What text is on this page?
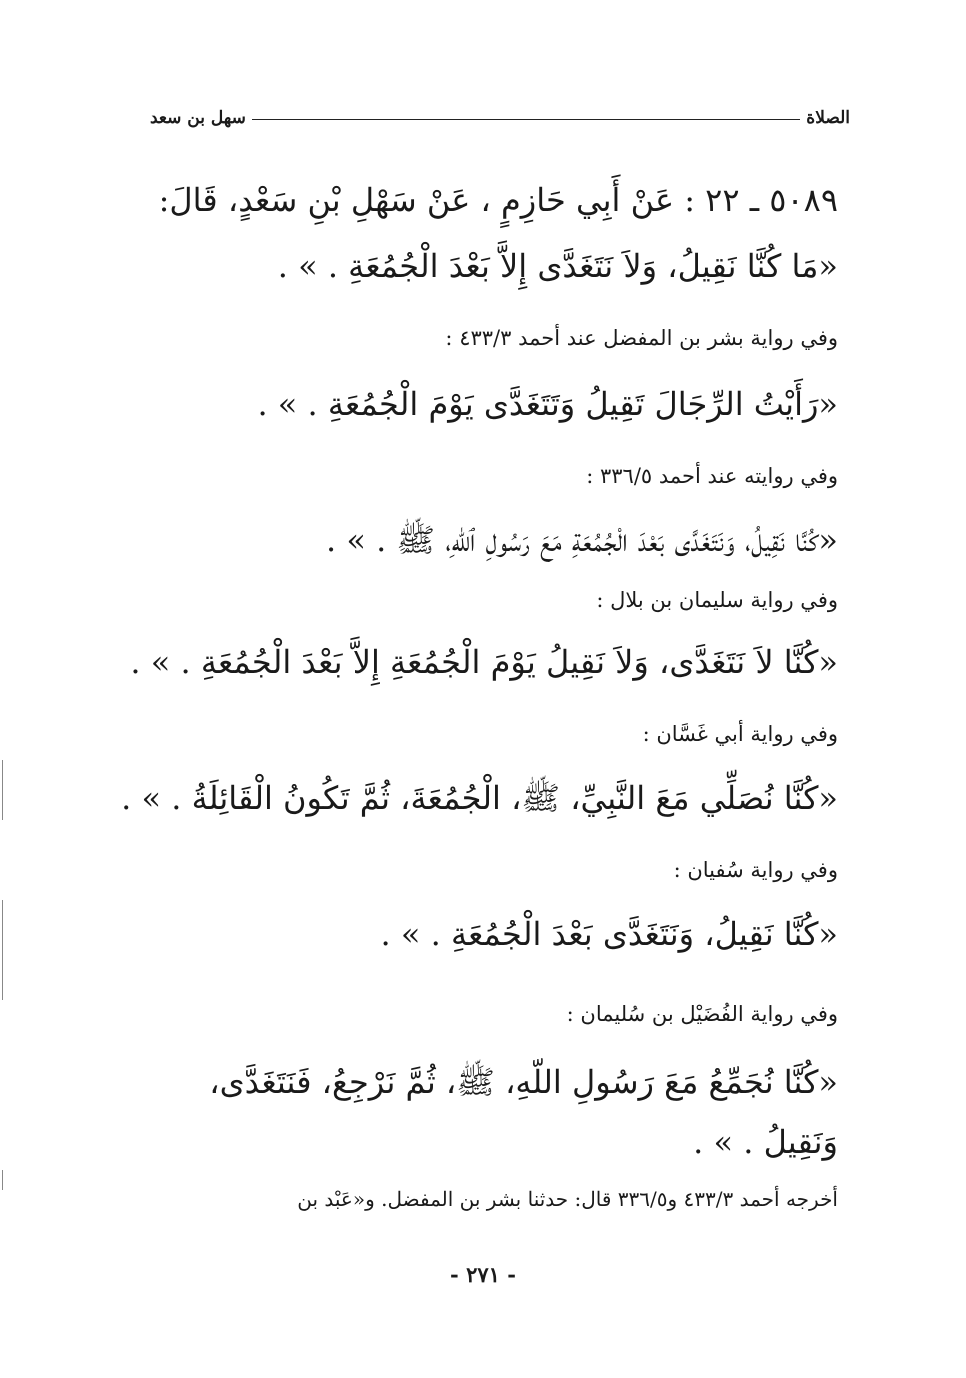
الصلاة
سهل بن سعد
٥٠٨٩ ـ ٢٢ : عَنْ أَبِي حَازِمٍ ، عَنْ سَهْلِ بْنِ سَعْدٍ، قَالَ:
«مَا كُنَّا نَقِيلُ، وَلاَ نَتَغَدَّى إِلاَّ بَعْدَ الْجُمُعَةِ . » .
وفي رواية بشر بن المفضل عند أحمد ٤٣٣/٣ :
«رَأَيْتُ الرِّجَالَ تَقِيلُ وَتَتَغَدَّى يَوْمَ الْجُمُعَةِ . » .
وفي روايته عند أحمد ٣٣٦/٥ :
«كُنَّا نَقِيلُ، وَنَتَغَدَّى بَعْدَ الْجُمُعَةِ مَعَ رَسُولِ ٱللّهِ، ﷺ . » .
وفي رواية سليمان بن بلال :
«كُنَّا لاَ نَتَغَدَّى، وَلاَ نَقِيلُ يَوْمَ الْجُمُعَةِ إِلاَّ بَعْدَ الْجُمُعَةِ . » .
وفي رواية أبي غَسَّان :
«كُنَّا نُصَلِّي مَعَ النَّبِيِّ، ﷺ، الْجُمُعَةَ، ثُمَّ تَكُونُ الْقَائِلَةُ . » .
وفي رواية سُفيان :
«كُنَّا نَقِيلُ، وَنَتَغَدَّى بَعْدَ الْجُمُعَةِ . » .
وفي رواية الفُضَيْل بن سُليمان :
«كُنَّا نُجَمِّعُ مَعَ رَسُولِ اللّهِ، ﷺ، ثُمَّ نَرْجِعُ، فَنَتَغَدَّى،
وَنَقِيلُ . » .
أخرجه أحمد ٤٣٣/٣ و٣٣٦/٥ قال: حدثنا بشر بن المفضل. و«عَبْد بن
- ٢٧١ -
